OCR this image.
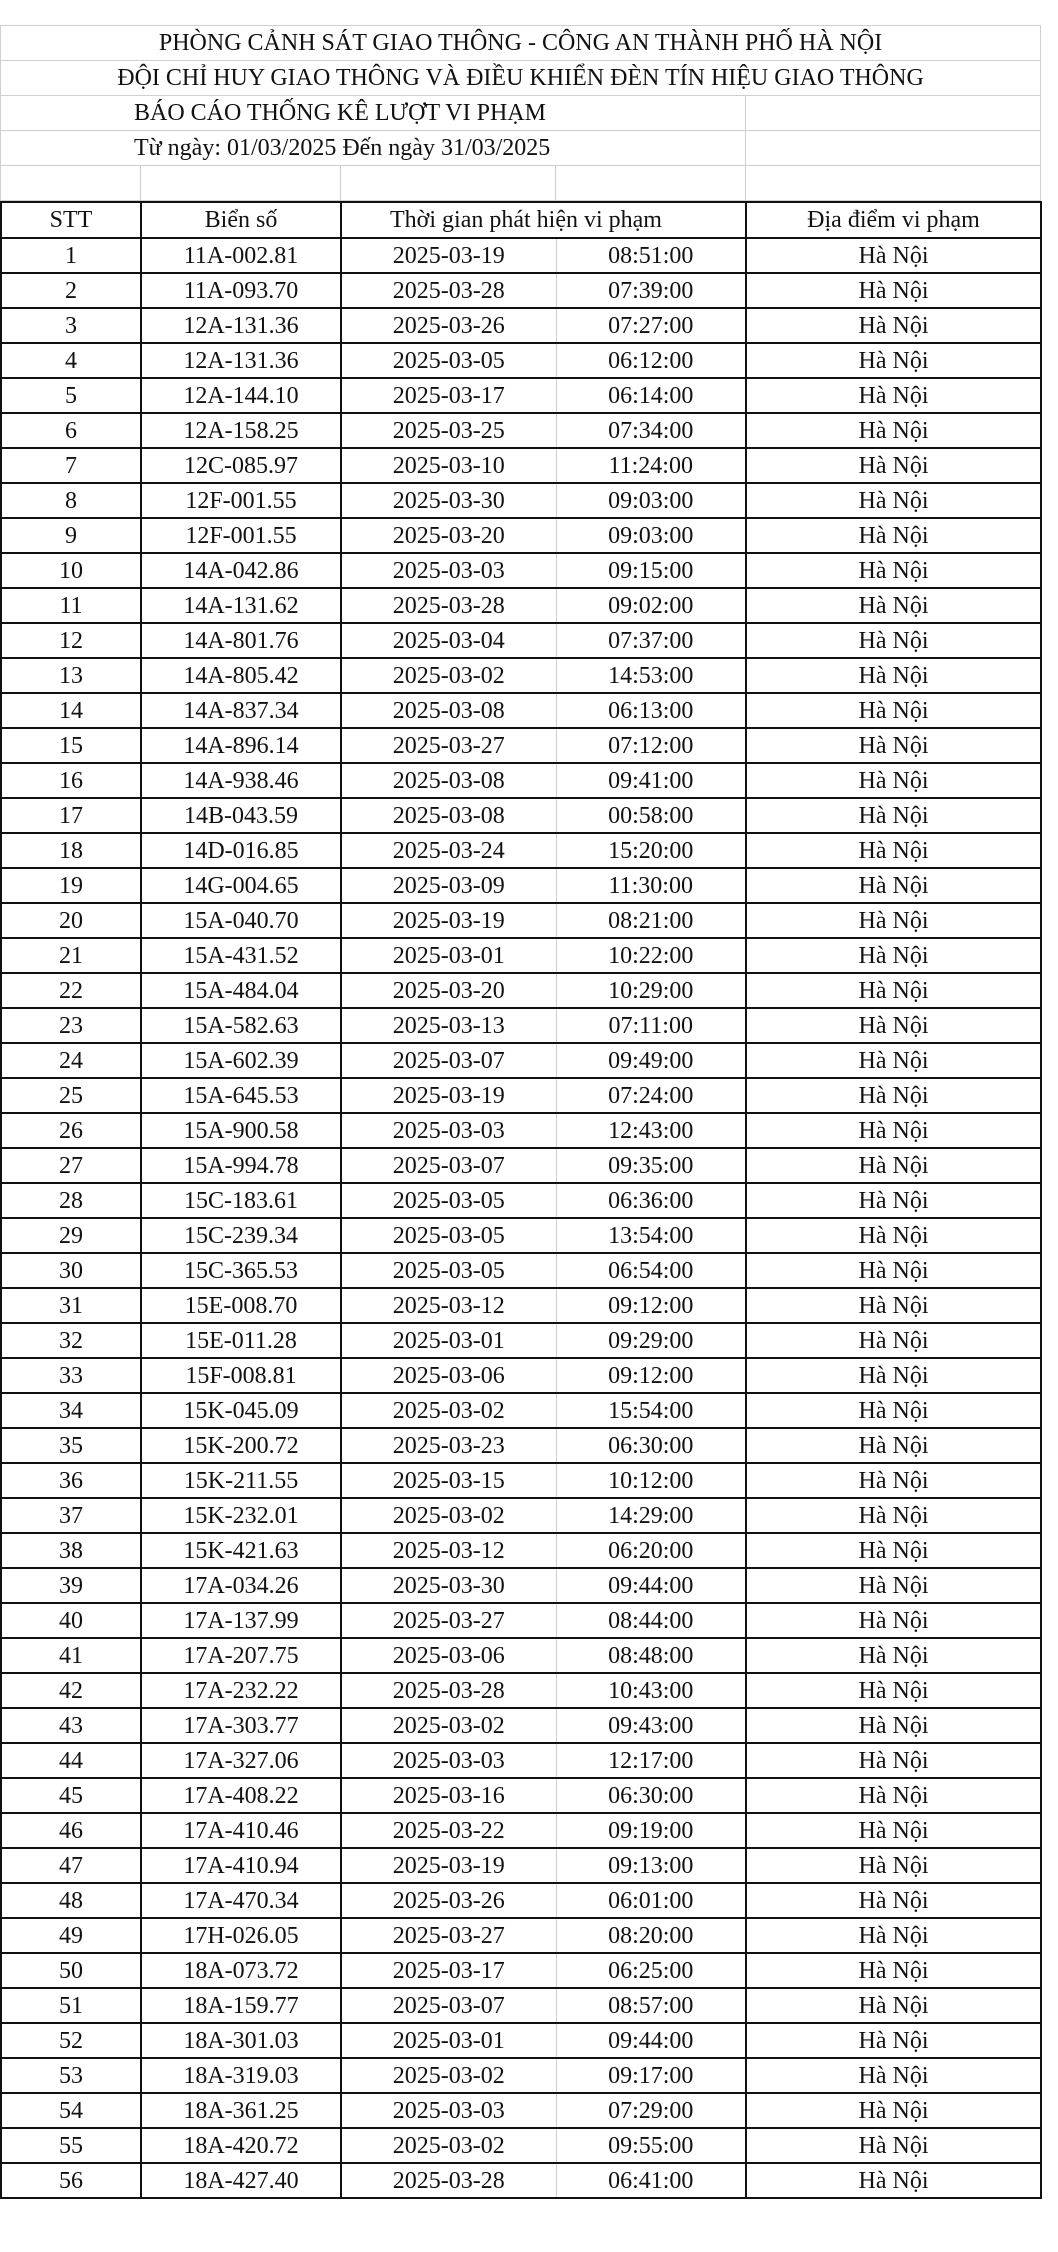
PHÒNG CẢNH SÁT GIAO THÔNG - CÔNG AN THÀNH PHỐ HÀ NỘI				
ĐỘI CHỈ HUY GIAO THÔNG VÀ ĐIỀU KHIỂN ĐÈN TÍN HIỆU GIAO THÔNG				
BÁO CÁO THỐNG KÊ LƯỢT VI PHẠM				
Từ ngày: 01/03/2025 Đến ngày 31/03/2025				

STT	Biển số	Thời gian phát hiện vi phạm		Địa điểm vi phạm
1	11A-002.81	2025-03-19	08:51:00	Hà Nội
2	11A-093.70	2025-03-28	07:39:00	Hà Nội
3	12A-131.36	2025-03-26	07:27:00	Hà Nội
4	12A-131.36	2025-03-05	06:12:00	Hà Nội
5	12A-144.10	2025-03-17	06:14:00	Hà Nội
6	12A-158.25	2025-03-25	07:34:00	Hà Nội
7	12C-085.97	2025-03-10	11:24:00	Hà Nội
8	12F-001.55	2025-03-30	09:03:00	Hà Nội
9	12F-001.55	2025-03-20	09:03:00	Hà Nội
10	14A-042.86	2025-03-03	09:15:00	Hà Nội
11	14A-131.62	2025-03-28	09:02:00	Hà Nội
12	14A-801.76	2025-03-04	07:37:00	Hà Nội
13	14A-805.42	2025-03-02	14:53:00	Hà Nội
14	14A-837.34	2025-03-08	06:13:00	Hà Nội
15	14A-896.14	2025-03-27	07:12:00	Hà Nội
16	14A-938.46	2025-03-08	09:41:00	Hà Nội
17	14B-043.59	2025-03-08	00:58:00	Hà Nội
18	14D-016.85	2025-03-24	15:20:00	Hà Nội
19	14G-004.65	2025-03-09	11:30:00	Hà Nội
20	15A-040.70	2025-03-19	08:21:00	Hà Nội
21	15A-431.52	2025-03-01	10:22:00	Hà Nội
22	15A-484.04	2025-03-20	10:29:00	Hà Nội
23	15A-582.63	2025-03-13	07:11:00	Hà Nội
24	15A-602.39	2025-03-07	09:49:00	Hà Nội
25	15A-645.53	2025-03-19	07:24:00	Hà Nội
26	15A-900.58	2025-03-03	12:43:00	Hà Nội
27	15A-994.78	2025-03-07	09:35:00	Hà Nội
28	15C-183.61	2025-03-05	06:36:00	Hà Nội
29	15C-239.34	2025-03-05	13:54:00	Hà Nội
30	15C-365.53	2025-03-05	06:54:00	Hà Nội
31	15E-008.70	2025-03-12	09:12:00	Hà Nội
32	15E-011.28	2025-03-01	09:29:00	Hà Nội
33	15F-008.81	2025-03-06	09:12:00	Hà Nội
34	15K-045.09	2025-03-02	15:54:00	Hà Nội
35	15K-200.72	2025-03-23	06:30:00	Hà Nội
36	15K-211.55	2025-03-15	10:12:00	Hà Nội
37	15K-232.01	2025-03-02	14:29:00	Hà Nội
38	15K-421.63	2025-03-12	06:20:00	Hà Nội
39	17A-034.26	2025-03-30	09:44:00	Hà Nội
40	17A-137.99	2025-03-27	08:44:00	Hà Nội
41	17A-207.75	2025-03-06	08:48:00	Hà Nội
42	17A-232.22	2025-03-28	10:43:00	Hà Nội
43	17A-303.77	2025-03-02	09:43:00	Hà Nội
44	17A-327.06	2025-03-03	12:17:00	Hà Nội
45	17A-408.22	2025-03-16	06:30:00	Hà Nội
46	17A-410.46	2025-03-22	09:19:00	Hà Nội
47	17A-410.94	2025-03-19	09:13:00	Hà Nội
48	17A-470.34	2025-03-26	06:01:00	Hà Nội
49	17H-026.05	2025-03-27	08:20:00	Hà Nội
50	18A-073.72	2025-03-17	06:25:00	Hà Nội
51	18A-159.77	2025-03-07	08:57:00	Hà Nội
52	18A-301.03	2025-03-01	09:44:00	Hà Nội
53	18A-319.03	2025-03-02	09:17:00	Hà Nội
54	18A-361.25	2025-03-03	07:29:00	Hà Nội
55	18A-420.72	2025-03-02	09:55:00	Hà Nội
56	18A-427.40	2025-03-28	06:41:00	Hà Nội
